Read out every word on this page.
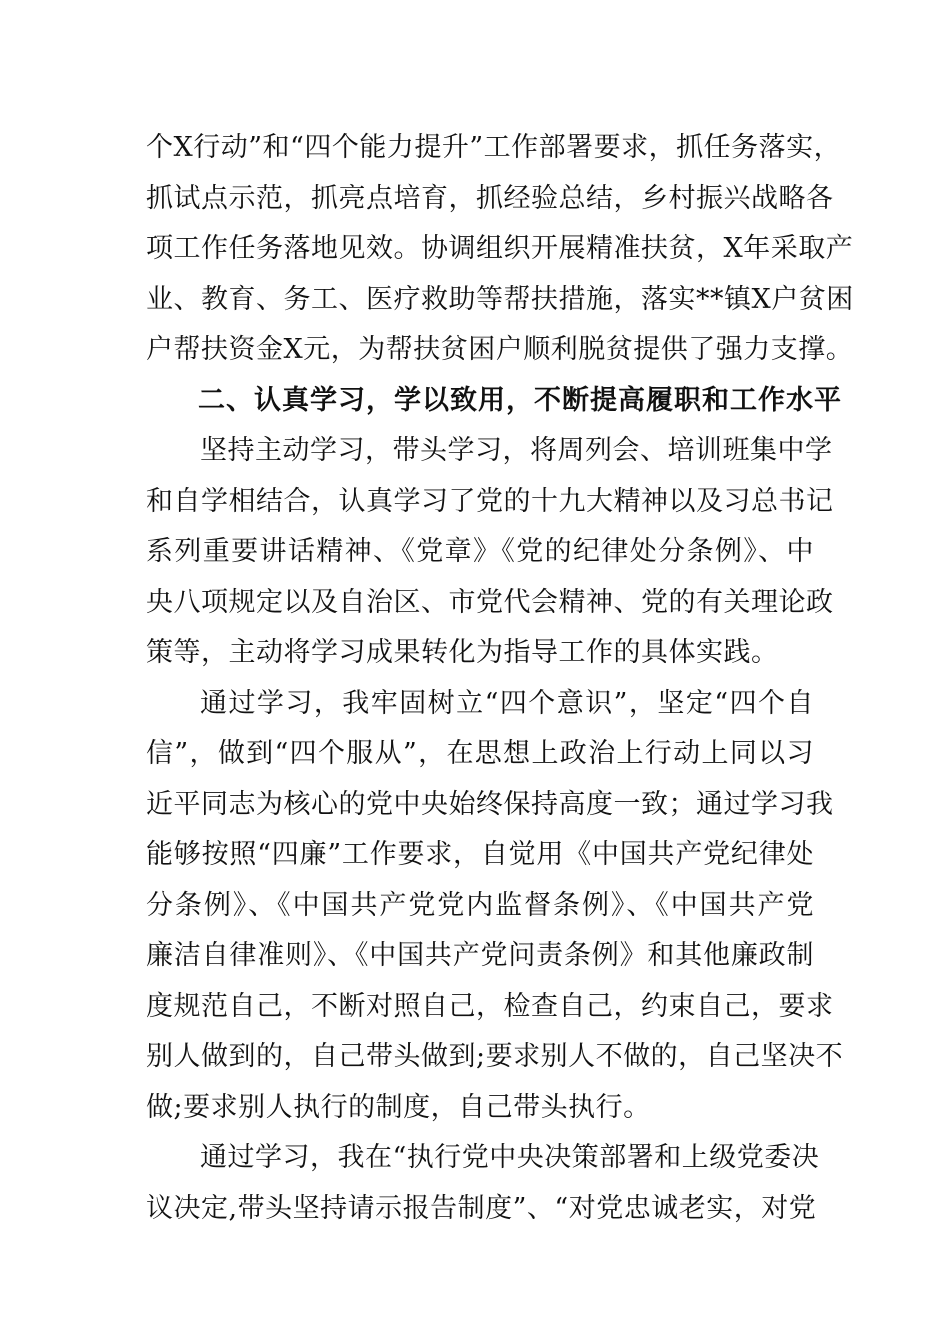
个X行动”和“四个能力提升”工作部署要求，抓任务落实，
抓试点示范，抓亮点培育，抓经验总结，乡村振兴战略各
项工作任务落地见效。协调组织开展精准扶贫，X年采取产
业、教育、务工、医疗救助等帮扶措施，落实**镇X户贫困
户帮扶资金X元，为帮扶贫困户顺利脱贫提供了强力支撑。
二、认真学习，学以致用，不断提高履职和工作水平
坚持主动学习，带头学习，将周列会、培训班集中学
和自学相结合，认真学习了党的十九大精神以及习总书记
系列重要讲话精神、《党章》《党的纪律处分条例》、中
央八项规定以及自治区、市党代会精神、党的有关理论政
策等，主动将学习成果转化为指导工作的具体实践。
通过学习，我牢固树立“四个意识”，坚定“四个自
信”，做到“四个服从”，在思想上政治上行动上同以习
近平同志为核心的党中央始终保持高度一致；通过学习我
能够按照“四廉”工作要求，自觉用《中国共产党纪律处
分条例》、《中国共产党党内监督条例》、《中国共产党
廉洁自律准则》、《中国共产党问责条例》和其他廉政制
度规范自己，不断对照自己，检查自己，约束自己，要求
别人做到的，自己带头做到;要求别人不做的，自己坚决不
做;要求别人执行的制度，自己带头执行。
通过学习，我在“执行党中央决策部署和上级党委决
议决定,带头坚持请示报告制度”、“对党忠诚老实，对党
